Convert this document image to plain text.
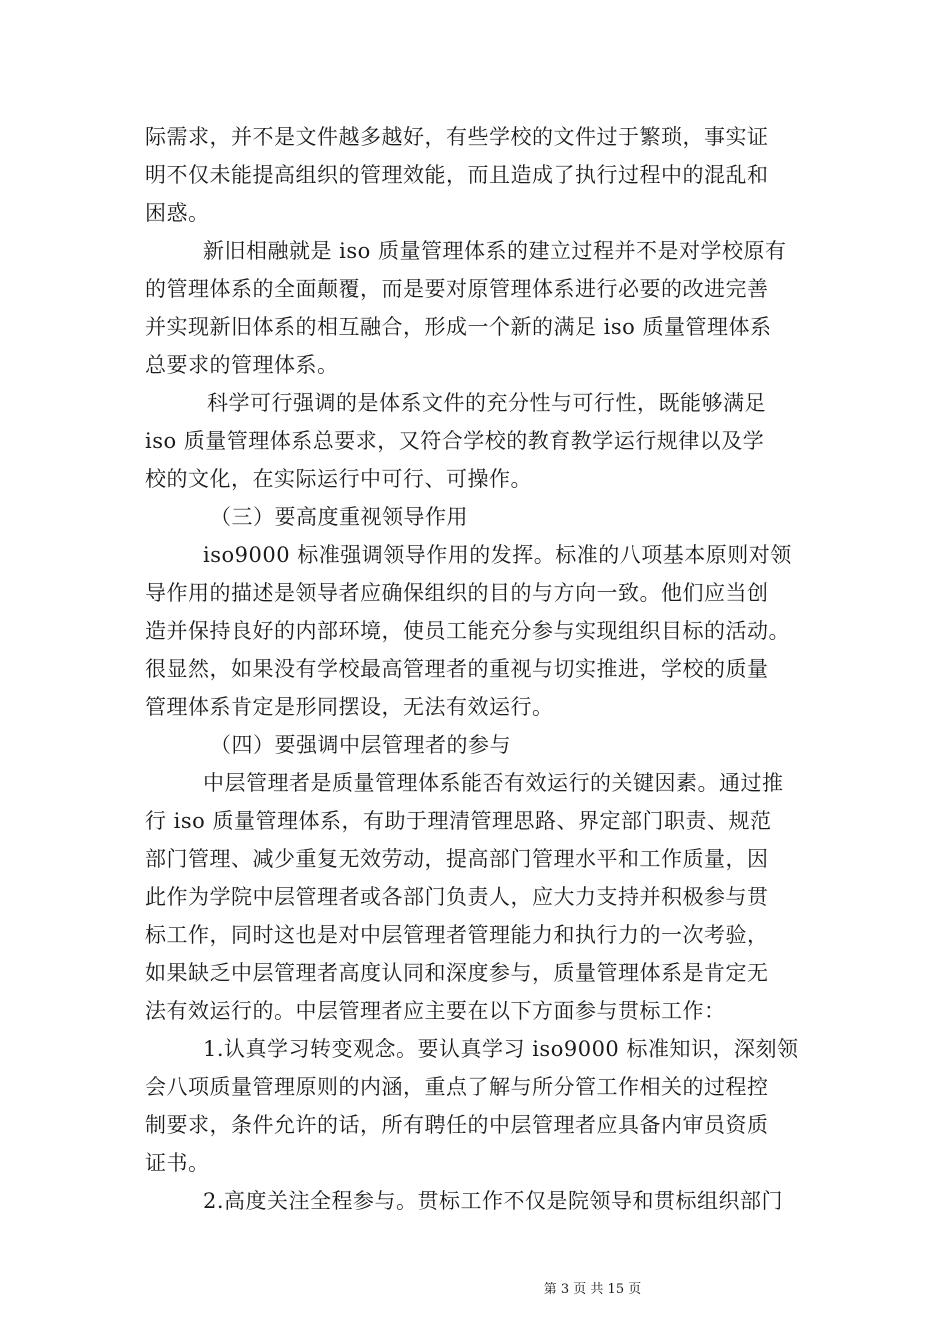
际需求，并不是文件越多越好，有些学校的文件过于繁琐，事实证
明不仅未能提高组织的管理效能，而且造成了执行过程中的混乱和
困惑。
新旧相融就是 iso 质量管理体系的建立过程并不是对学校原有
的管理体系的全面颠覆，而是要对原管理体系进行必要的改进完善
并实现新旧体系的相互融合，形成一个新的满足 iso 质量管理体系
总要求的管理体系。
科学可行强调的是体系文件的充分性与可行性，既能够满足
iso 质量管理体系总要求，又符合学校的教育教学运行规律以及学
校的文化，在实际运行中可行、可操作。
（三）要高度重视领导作用
iso9000 标准强调领导作用的发挥。标准的八项基本原则对领
导作用的描述是领导者应确保组织的目的与方向一致。他们应当创
造并保持良好的内部环境，使员工能充分参与实现组织目标的活动。
很显然，如果没有学校最高管理者的重视与切实推进，学校的质量
管理体系肯定是形同摆设，无法有效运行。
（四）要强调中层管理者的参与
中层管理者是质量管理体系能否有效运行的关键因素。通过推
行 iso 质量管理体系，有助于理清管理思路、界定部门职责、规范
部门管理、减少重复无效劳动，提高部门管理水平和工作质量，因
此作为学院中层管理者或各部门负责人，应大力支持并积极参与贯
标工作，同时这也是对中层管理者管理能力和执行力的一次考验，
如果缺乏中层管理者高度认同和深度参与，质量管理体系是肯定无
法有效运行的。中层管理者应主要在以下方面参与贯标工作：
1.认真学习转变观念。要认真学习 iso9000 标准知识，深刻领
会八项质量管理原则的内涵，重点了解与所分管工作相关的过程控
制要求，条件允许的话，所有聘任的中层管理者应具备内审员资质
证书。
2.高度关注全程参与。贯标工作不仅是院领导和贯标组织部门
第 3 页 共 15 页
